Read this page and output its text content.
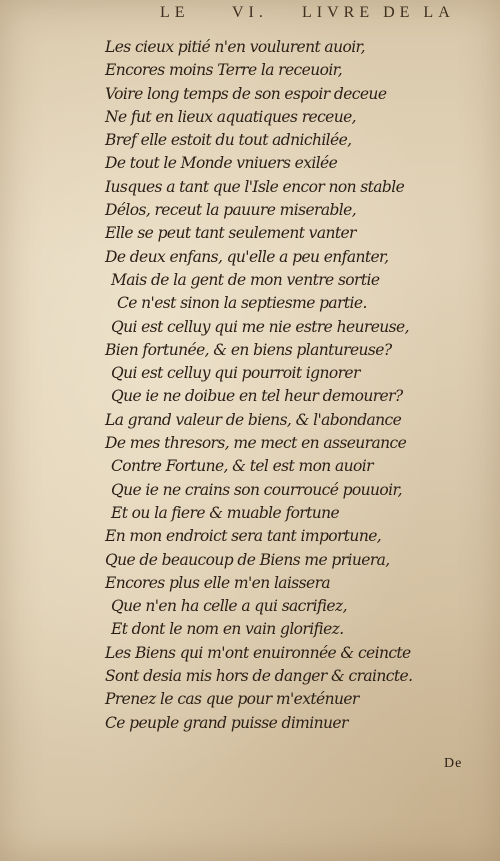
LE	VI. LIVRE DE LA
Les cieux pitié n'en voulurent auoir,
Encores moins Terre la receuoir,
Voire long temps de son espoir deceue
Ne fut en lieux aquatiques receue,
Bref elle estoit du tout adnichilée,
De tout le Monde vniuers exilée
Iusques a tant que l'Isle encor non stable
Délos, receut la pauure miserable,
Elle se peut tant seulement vanter
De deux enfans, qu'elle a peu enfanter,
Mais de la gent de mon ventre sortie
Ce n'est sinon la septiesme partie.
Qui est celluy qui me nie estre heureuse,
Bien fortunée, & en biens plantureuse?
Qui est celluy qui pourroit ignorer
Que ie ne doibue en tel heur demourer?
La grand valeur de biens, & l'abondance
De mes thresors, me mect en asseurance
Contre Fortune, & tel est mon auoir
Que ie ne crains son courroucé pouuoir,
Et ou la fiere & muable fortune
En mon endroict sera tant importune,
Que de beaucoup de Biens me priuera,
Encores plus elle m'en laissera
Que n'en ha celle a qui sacrifiez,
Et dont le nom en vain glorifiez.
Les Biens qui m'ont enuironnée & ceincte
Sont desia mis hors de danger & craincte.
Prenez le cas que pour m'exténuer
Ce peuple grand puisse diminuer
De
